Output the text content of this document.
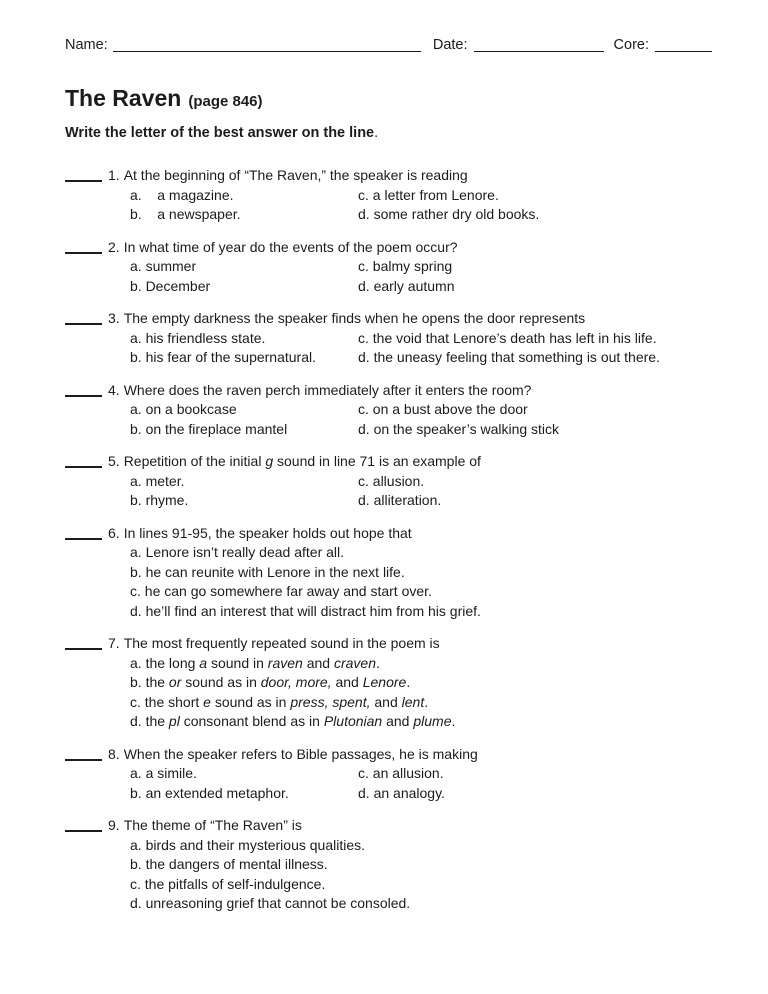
Name:	Date:	Core:
The Raven (page 846)

Write the letter of the best answer on the line.

1. At the beginning of “The Raven,” the speaker is reading
a.    a magazine.	c. a letter from Lenore.
b.    a newspaper.	d. some rather dry old books.
2. In what time of year do the events of the poem occur?
a. summer	c. balmy spring
b. December	d. early autumn
3. The empty darkness the speaker finds when he opens the door represents
a. his friendless state.	c. the void that Lenore’s death has left in his life.
b. his fear of the supernatural.	d. the uneasy feeling that something is out there.
4. Where does the raven perch immediately after it enters the room?
a. on a bookcase	c. on a bust above the door
b. on the fireplace mantel	d. on the speaker’s walking stick
5. Repetition of the initial g sound in line 71 is an example of
a. meter.	c. allusion.
b. rhyme.	d. alliteration.
6. In lines 91-95, the speaker holds out hope that
a. Lenore isn’t really dead after all.
b. he can reunite with Lenore in the next life.
c. he can go somewhere far away and start over.
d. he’ll find an interest that will distract him from his grief.
7. The most frequently repeated sound in the poem is
a. the long a sound in raven and craven.
b. the or sound as in door, more, and Lenore.
c. the short e sound as in press, spent, and lent.
d. the pl consonant blend as in Plutonian and plume.
8. When the speaker refers to Bible passages, he is making
a. a simile.	c. an allusion.
b. an extended metaphor.	d. an analogy.
9. The theme of “The Raven” is
a. birds and their mysterious qualities.
b. the dangers of mental illness.
c. the pitfalls of self-indulgence.
d. unreasoning grief that cannot be consoled.
